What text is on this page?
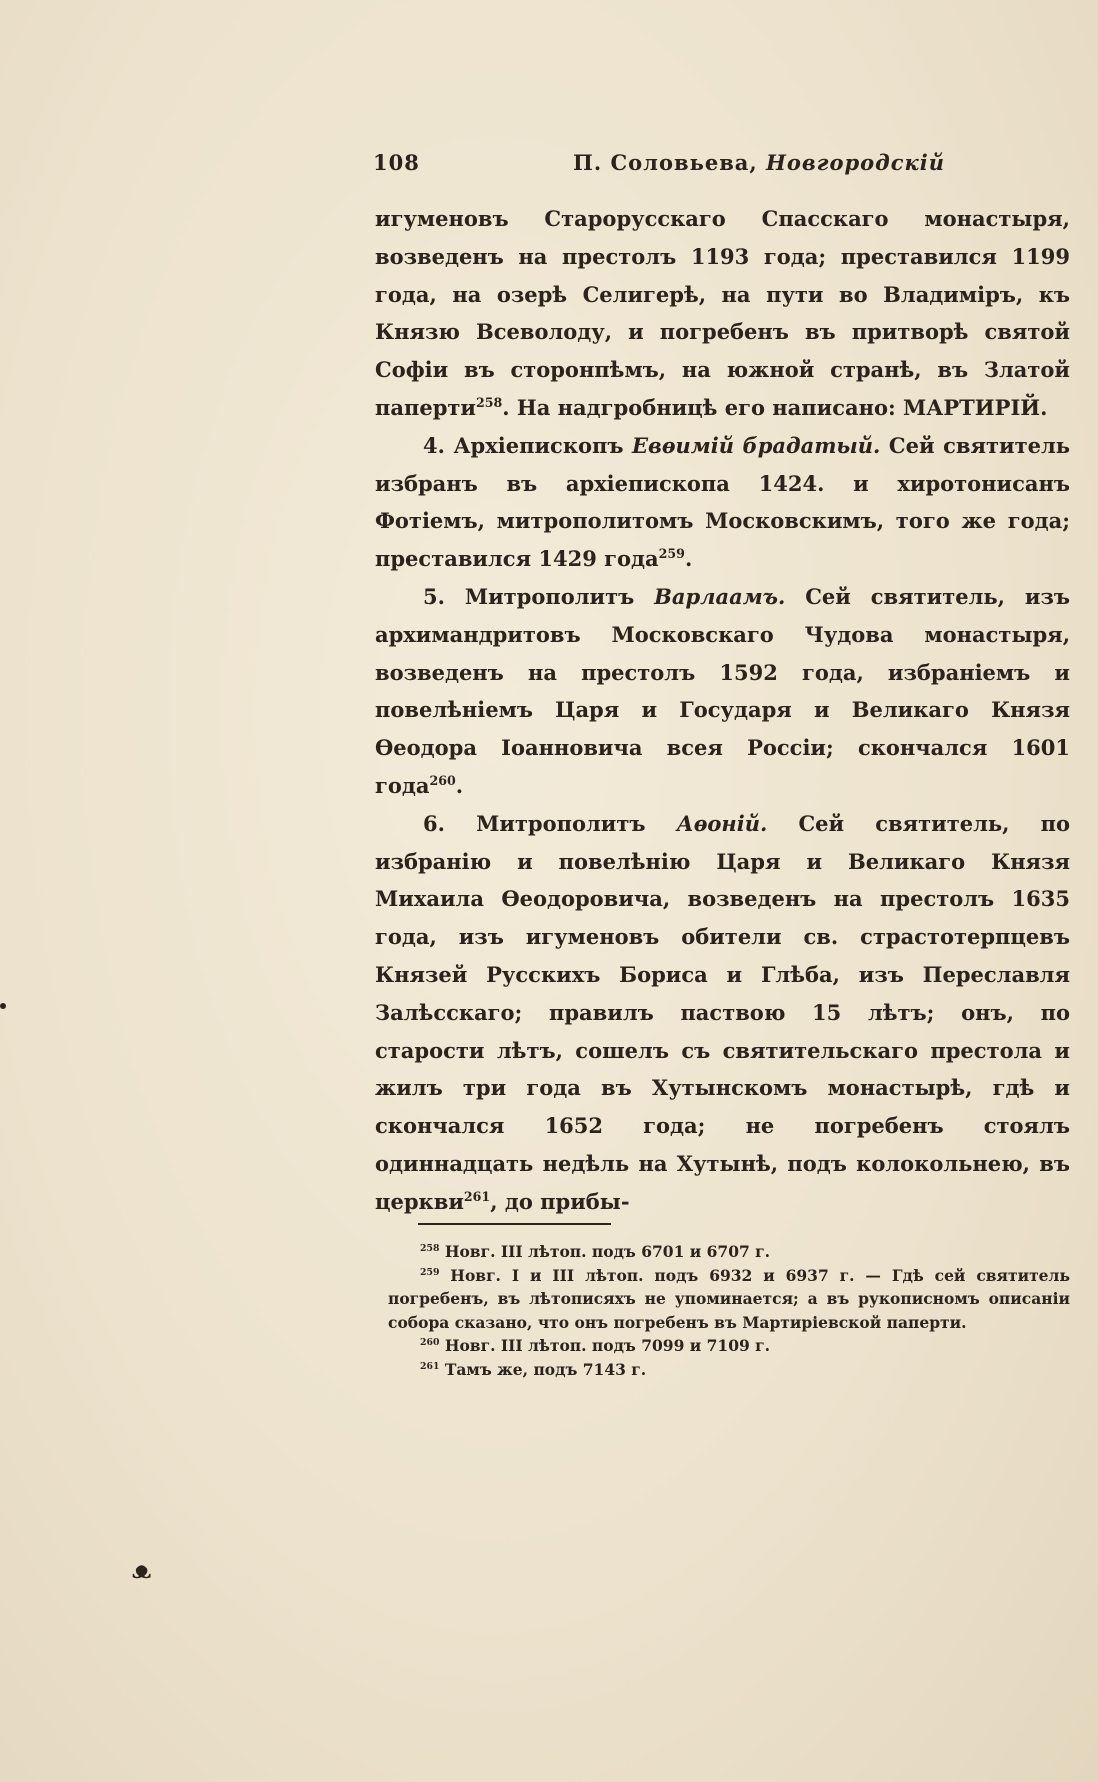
108	П. Соловьева, Новгородскій

игуменовъ Старорусскаго Спасскаго монастыря, возведенъ на престолъ 1193 года; преставился 1199 года, на озерѣ Селигерѣ, на пути во Владиміръ, къ Князю Всеволоду, и погребенъ въ притворѣ святой Софіи въ сторонпѣмъ, на южной странѣ, въ Златой паперти$^{258}$. На надгробницѣ его написано: МАРТИРІЙ.

4. Архіепископъ Евѳимій брадатый. Сей святитель избранъ въ архіепископа 1424. и хиротонисанъ Фотіемъ, митрополитомъ Московскимъ, того же года; преставился 1429 года$^{259}$.

5. Митрополитъ Варлаамъ. Сей святитель, изъ архимандритовъ Московскаго Чудова монастыря, возведенъ на престолъ 1592 года, избраніемъ и повелѣніемъ Царя и Государя и Великаго Князя Ѳеодора Іоанновича всея Россіи; скончался 1601 года$^{260}$.

6. Митрополитъ Аѳоній. Сей святитель, по избранію и повелѣнію Царя и Великаго Князя Михаила Ѳеодоровича, возведенъ на престолъ 1635 года, изъ игуменовъ обители св. страстотерпцевъ Князей Русскихъ Бориса и Глѣба, изъ Переславля Залѣсскаго; правилъ паствою 15 лѣтъ; онъ, по старости лѣтъ, сошелъ съ святительскаго престола и жилъ три года въ Хутынскомъ монастырѣ, гдѣ и скончался 1652 года; не погребенъ стоялъ одиннадцать недѣль на Хутынѣ, подъ колокольнею, въ церкви$^{261}$, до прибы-

$^{258}$ Новг. III лѣтоп. подъ 6701 и 6707 г.

$^{259}$ Новг. I и III лѣтоп. подъ 6932 и 6937 г. — Гдѣ сей святитель погребенъ, въ лѣтописяхъ не упоминается; а въ рукописномъ описаніи собора сказано, что онъ погребенъ въ Мартиріевской паперти.

$^{260}$ Новг. III лѣтоп. подъ 7099 и 7109 г.

$^{261}$ Тамъ же, подъ 7143 г.

ᴥ
